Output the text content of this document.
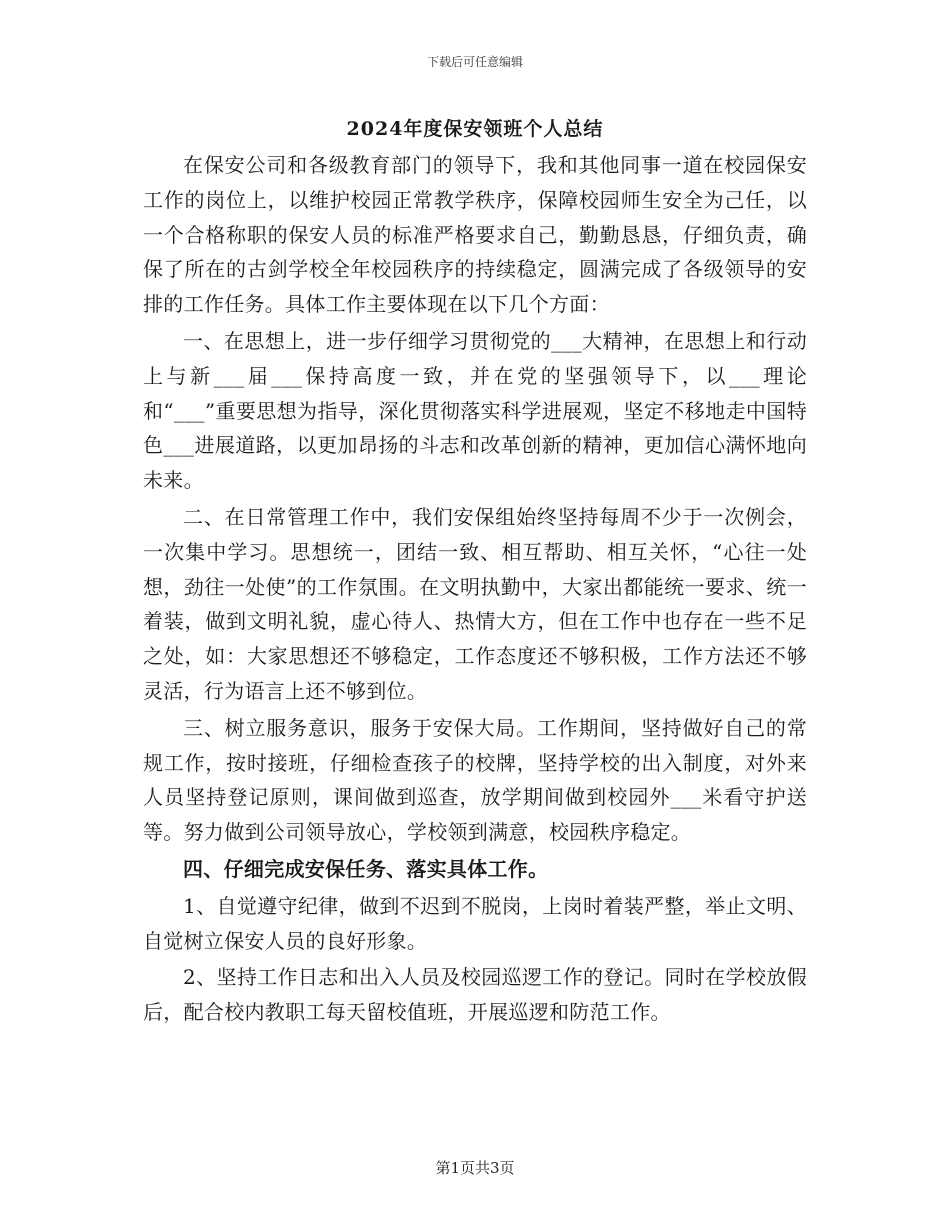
下载后可任意编辑
2024年度保安领班个人总结

在保安公司和各级教育部门的领导下，我和其他同事一道在校园保安工作的岗位上，以维护校园正常教学秩序，保障校园师生安全为己任，以一个合格称职的保安人员的标准严格要求自己，勤勤恳恳，仔细负责，确保了所在的古剑学校全年校园秩序的持续稳定，圆满完成了各级领导的安排的工作任务。具体工作主要体现在以下几个方面：

一、在思想上，进一步仔细学习贯彻党的___大精神，在思想上和行动上与新___届___保持高度一致，并在党的坚强领导下，以___理论和“___”重要思想为指导，深化贯彻落实科学进展观，坚定不移地走中国特色___进展道路，以更加昂扬的斗志和改革创新的精神，更加信心满怀地向未来。

二、在日常管理工作中，我们安保组始终坚持每周不少于一次例会，一次集中学习。思想统一，团结一致、相互帮助、相互关怀，“心往一处想，劲往一处使”的工作氛围。在文明执勤中，大家出都能统一要求、统一着装，做到文明礼貌，虚心待人、热情大方，但在工作中也存在一些不足之处，如：大家思想还不够稳定，工作态度还不够积极，工作方法还不够灵活，行为语言上还不够到位。

三、树立服务意识，服务于安保大局。工作期间，坚持做好自己的常规工作，按时接班，仔细检查孩子的校牌，坚持学校的出入制度，对外来人员坚持登记原则，课间做到巡查，放学期间做到校园外___米看守护送等。努力做到公司领导放心，学校领到满意，校园秩序稳定。

四、仔细完成安保任务、落实具体工作。

1、自觉遵守纪律，做到不迟到不脱岗，上岗时着装严整，举止文明、自觉树立保安人员的良好形象。

2、坚持工作日志和出入人员及校园巡逻工作的登记。同时在学校放假后，配合校内教职工每天留校值班，开展巡逻和防范工作。

第1页共3页
